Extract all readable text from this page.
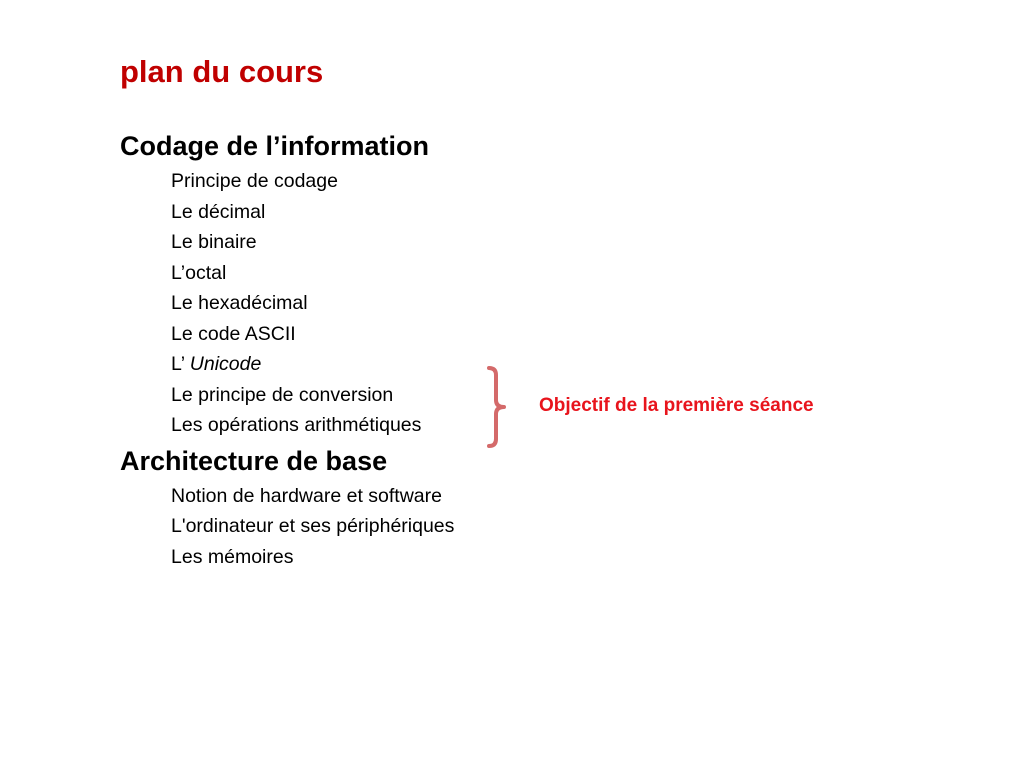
plan du cours
Codage de l’information
Principe de codage
Le décimal
Le binaire
L’octal
Le hexadécimal
Le code ASCII
L’ Unicode
Le principe de conversion
Les opérations arithmétiques
Architecture de base
Notion de hardware et software
L'ordinateur et ses périphériques
Les mémoires
Objectif de la première séance
